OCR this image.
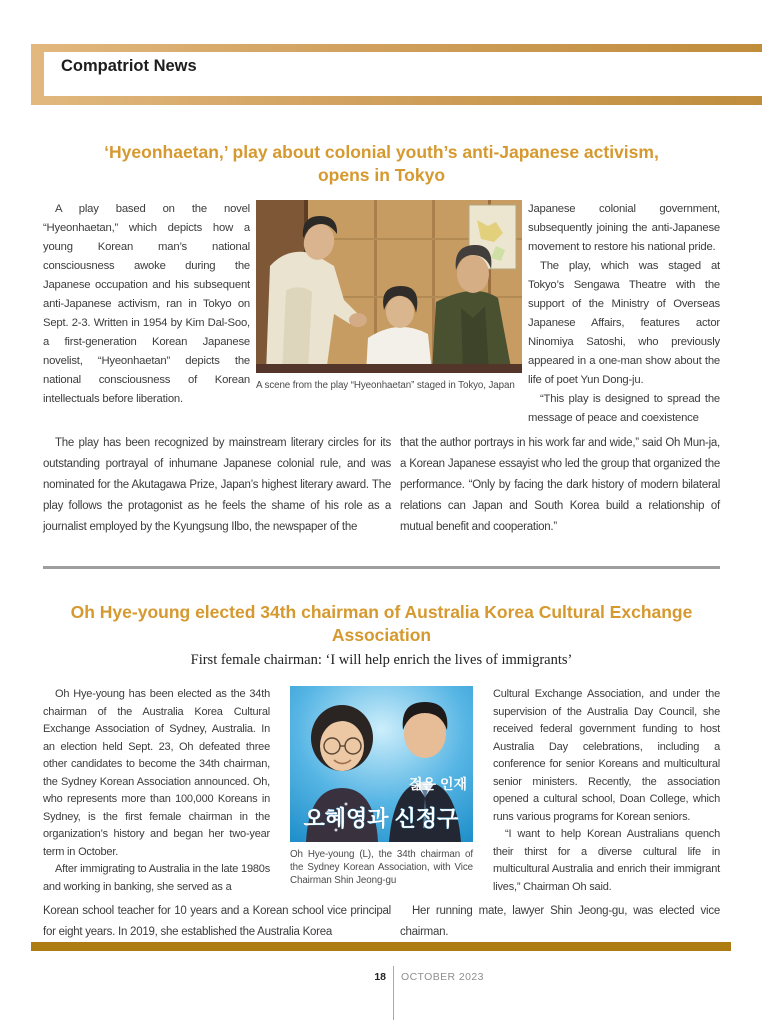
Compatriot News
‘Hyeonhaetan,’ play about colonial youth’s anti-Japanese activism,
opens in Tokyo

A play based on the novel “Hyeonhaetan,” which depicts how a young Korean man’s national consciousness awoke during the Japanese occupation and his subsequent anti-Japanese activism, ran in Tokyo on Sept. 2-3. Written in 1954 by Kim Dal-Soo, a first-generation Korean Japanese novelist, “Hyeonhaetan” depicts the national consciousness of Korean intellectuals before liberation.

A scene from the play “Hyeonhaetan” staged in Tokyo, Japan

Japanese colonial government, subsequently joining the anti-Japanese movement to restore his national pride.

The play, which was staged at Tokyo’s Sengawa Theatre with the support of the Ministry of Overseas Japanese Affairs, features actor Ninomiya Satoshi, who previously appeared in a one-man show about the life of poet Yun Dong-ju.

“This play is designed to spread the message of peace and coexistence

The play has been recognized by mainstream literary circles for its outstanding portrayal of inhumane Japanese colonial rule, and was nominated for the Akutagawa Prize, Japan’s highest literary award. The play follows the protagonist as he feels the shame of his role as a journalist employed by the Kyungsung Ilbo, the newspaper of the

that the author portrays in his work far and wide,” said Oh Mun-ja, a Korean Japanese essayist who led the group that organized the performance. “Only by facing the dark history of modern bilateral relations can Japan and South Korea build a relationship of mutual benefit and cooperation.”

Oh Hye-young elected 34th chairman of Australia Korea Cultural Exchange
Association
First female chairman: ‘I will help enrich the lives of immigrants’

Oh Hye-young has been elected as the 34th chairman of the Australia Korea Cultural Exchange Association of Sydney, Australia. In an election held Sept. 23, Oh defeated three other candidates to become the 34th chairman, the Sydney Korean Association announced. Oh, who represents more than 100,000 Koreans in Sydney, is the first female chairman in the organization’s history and began her two-year term in October.

After immigrating to Australia in the late 1980s and working in banking, she served as a

젊은 인재
오혜영과 신정구
Oh Hye-young (L), the 34th chairman of the Sydney Korean Association, with Vice Chairman Shin Jeong-gu

Cultural Exchange Association, and under the supervision of the Australia Day Council, she received federal government funding to host Australia Day celebrations, including a conference for senior Koreans and multicultural senior ministers. Recently, the association opened a cultural school, Doan College, which runs various programs for Korean seniors.

“I want to help Korean Australians quench their thirst for a diverse cultural life in multicultural Australia and enrich their immigrant lives,” Chairman Oh said.

Korean school teacher for 10 years and a Korean school vice principal for eight years. In 2019, she established the Australia Korea

Her running mate, lawyer Shin Jeong-gu, was elected vice chairman.

18 OCTOBER 2023
